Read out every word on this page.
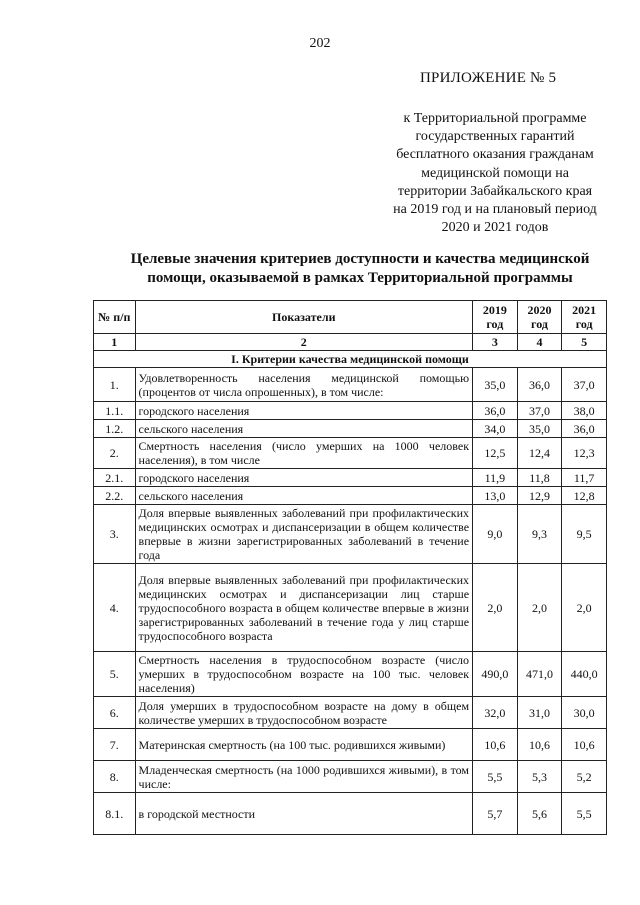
202
ПРИЛОЖЕНИЕ № 5
к Территориальной программе
государственных гарантий
бесплатного оказания гражданам
медицинской помощи на
территории Забайкальского края
на 2019 год и на плановый период
2020 и 2021 годов
Целевые значения критериев доступности и качества медицинской
помощи, оказываемой в рамках Территориальной программы
№ п/п	Показатели	2019 год	2020 год	2021 год
1	2	3	4	5
I. Критерии качества медицинской помощи				
1.	Удовлетворенность населения медицинской помощью (процентов от числа опрошенных), в том числе:	35,0	36,0	37,0
1.1.	городского населения	36,0	37,0	38,0
1.2.	сельского населения	34,0	35,0	36,0
2.	Смертность населения (число умерших на 1000 человек населения), в том числе	12,5	12,4	12,3
2.1.	городского населения	11,9	11,8	11,7
2.2.	сельского населения	13,0	12,9	12,8
3.	Доля впервые выявленных заболеваний при профилактических медицинских осмотрах и диспансеризации в общем количестве впервые в жизни зарегистрированных заболеваний в течение года	9,0	9,3	9,5
4.	Доля впервые выявленных заболеваний при профилактических медицинских осмотрах и диспансеризации лиц старше трудоспособного возраста в общем количестве впервые в жизни зарегистрированных заболеваний в течение года у лиц старше трудоспособного возраста	2,0	2,0	2,0
5.	Смертность населения в трудоспособном возрасте (число умерших в трудоспособном возрасте на 100 тыс. человек населения)	490,0	471,0	440,0
6.	Доля умерших в трудоспособном возрасте на дому в общем количестве умерших в трудоспособном возрасте	32,0	31,0	30,0
7.	Материнская смертность (на 100 тыс. родившихся живыми)	10,6	10,6	10,6
8.	Младенческая смертность (на 1000 родившихся живыми), в том числе:	5,5	5,3	5,2
8.1.	в городской местности	5,7	5,6	5,5
